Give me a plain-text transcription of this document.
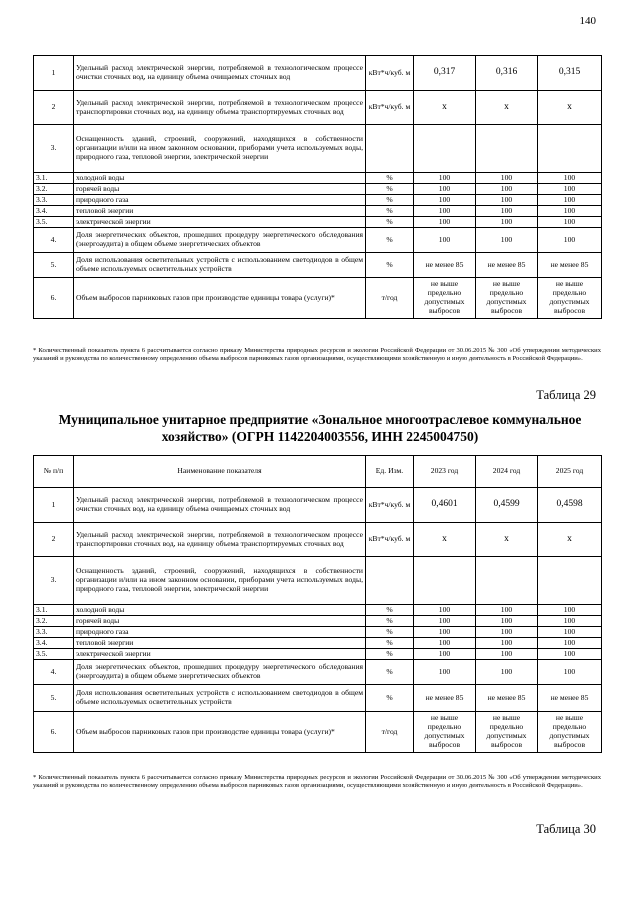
140
1	Удельный расход электрической энергии, потребляемой в технологическом процессе очистки сточных вод, на единицу объема очищаемых сточных вод	кВт*ч/куб. м	0,317	0,316	0,315
2	Удельный расход электрической энергии, потребляемой в технологическом процессе транспортировки сточных вод, на единицу объема транспортируемых сточных вод	кВт*ч/куб. м	x	x	x
3.	Оснащенность зданий, строений, сооружений, находящихся в собственности организации и/или на ином законном основании, приборами учета используемых воды, природного газа, тепловой энергии, электрической энергии				
3.1.	холодной воды	%	100	100	100
3.2.	горячей воды	%	100	100	100
3.3.	природного газа	%	100	100	100
3.4.	тепловой энергии	%	100	100	100
3.5.	электрической энергии	%	100	100	100
4.	Доля энергетических объектов, прошедших процедуру энергетического обследования (энергоаудита) в общем объеме энергетических объектов	%	100	100	100
5.	Доля использования осветительных устройств с использованием светодиодов в общем объеме используемых осветительных устройств	%	не менее 85	не менее 85	не менее 85
6.	Объем выбросов парниковых газов при производстве единицы товара (услуги)*	т/год	не выше предельно допустимых выбросов	не выше предельно допустимых выбросов	не выше предельно допустимых выбросов
* Количественный показатель пункта 6 рассчитывается согласно приказу Министерства природных ресурсов и экологии Российской Федерации от 30.06.2015 № 300 «Об утверждении методических указаний и руководства по количественному определению объема выбросов парниковых газов организациями, осуществляющими хозяйственную и иную деятельность в Российской Федерации».
Таблица 29
Муниципальное унитарное предприятие «Зональное многоотраслевое коммунальное хозяйство» (ОГРН 1142204003556, ИНН 2245004750)
№ п/п	Наименование показателя	Ед. Изм.	2023 год	2024 год	2025 год
1	Удельный расход электрической энергии, потребляемой в технологическом процессе очистки сточных вод, на единицу объема очищаемых сточных вод	кВт*ч/куб. м	0,4601	0,4599	0,4598
2	Удельный расход электрической энергии, потребляемой в технологическом процессе транспортировки сточных вод, на единицу объема транспортируемых сточных вод	кВт*ч/куб. м	x	x	x
3.	Оснащенность зданий, строений, сооружений, находящихся в собственности организации и/или на ином законном основании, приборами учета используемых воды, природного газа, тепловой энергии, электрической энергии				
3.1.	холодной воды	%	100	100	100
3.2.	горячей воды	%	100	100	100
3.3.	природного газа	%	100	100	100
3.4.	тепловой энергии	%	100	100	100
3.5.	электрической энергии	%	100	100	100
4.	Доля энергетических объектов, прошедших процедуру энергетического обследования (энергоаудита) в общем объеме энергетических объектов	%	100	100	100
5.	Доля использования осветительных устройств с использованием светодиодов в общем объеме используемых осветительных устройств	%	не менее 85	не менее 85	не менее 85
6.	Объем выбросов парниковых газов при производстве единицы товара (услуги)*	т/год	не выше предельно допустимых выбросов	не выше предельно допустимых выбросов	не выше предельно допустимых выбросов
* Количественный показатель пункта 6 рассчитывается согласно приказу Министерства природных ресурсов и экологии Российской Федерации от 30.06.2015 № 300 «Об утверждении методических указаний и руководства по количественному определению объема выбросов парниковых газов организациями, осуществляющими хозяйственную и иную деятельность в Российской Федерации».
Таблица 30
